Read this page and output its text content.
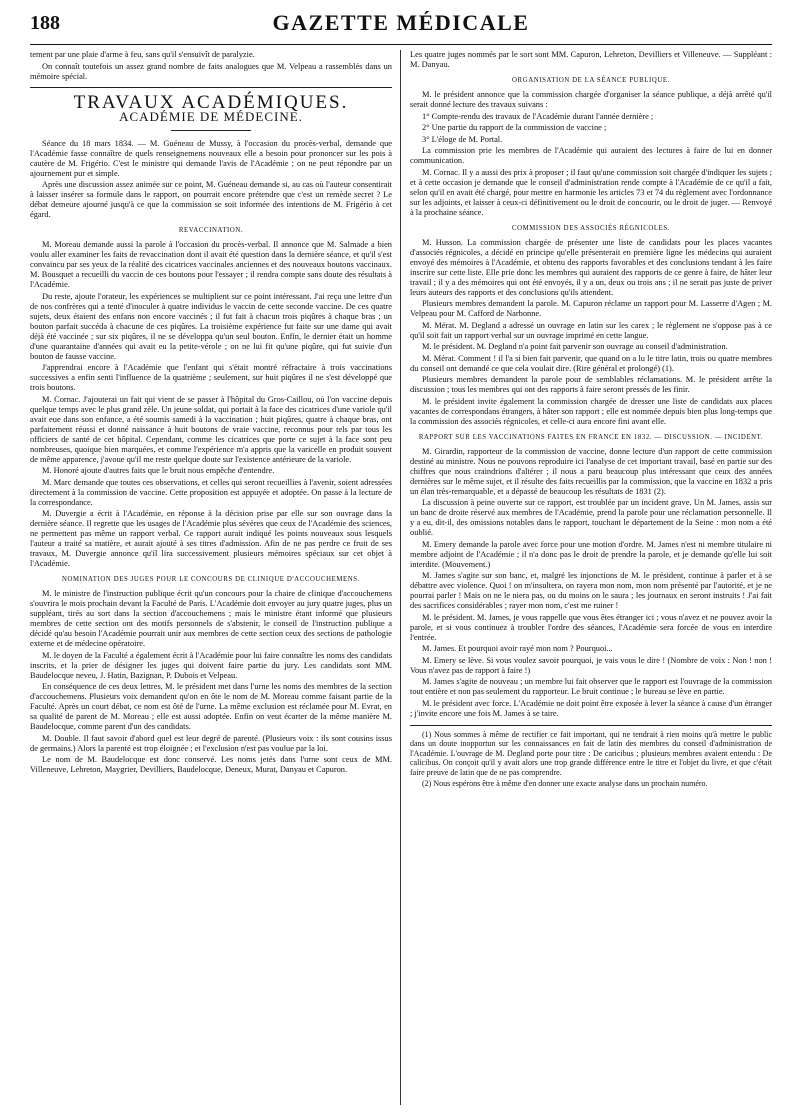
188	GAZETTE MÉDICALE

tement par une plaie d'arme à feu, sans qu'il s'ensuivît de paralyzie.

On connaît toutefois un assez grand nombre de faits analogues que M. Velpeau a rassemblés dans un mémoire spécial.

TRAVAUX ACADÉMIQUES.
ACADÉMIE DE MÉDECINE.

Séance du 18 mars 1834. — M. Guéneau de Mussy, à l'occasion du procès-verbal, demande que l'Académie fasse connaître de quels renseignemens nouveaux elle a besoin pour prononcer sur les pois à cautère de M. Frigério. C'est le ministre qui demande l'avis de l'Académie ; on ne peut répondre par un ajournement pur et simple.

Après une discussion assez animée sur ce point, M. Guéneau demande si, au cas où l'auteur consentirait à laisser insérer sa formule dans le rapport, on pourrait encore prétendre que c'est un remède secret ? Le débat demeure ajourné jusqu'à ce que la commission se soit informée des intentions de M. Frigério à cet égard.

REVACCINATION.

M. Moreau demande aussi la parole à l'occasion du procès-verbal. Il annonce que M. Salmade a bien voulu aller examiner les faits de revaccination dont il avait été question dans la dernière séance, et qu'il s'est convaincu par ses yeux de la réalité des cicatrices vaccinales anciennes et des nouveaux boutons vaccinaux. M. Bousquet a recueilli du vaccin de ces boutons pour l'essayer ; il rendra compte sans doute des résultats à l'Académie.

Du reste, ajoute l'orateur, les expériences se multiplient sur ce point intéressant. J'ai reçu une lettre d'un de nos confrères qui a tenté d'inoculer à quatre individus le vaccin de cette seconde vaccine. De ces quatre sujets, deux étaient des enfans non encore vaccinés ; il fut fait à chacun trois piqûres à chaque bras ; un bouton parfait succéda à chacune de ces piqûres. La troisième expérience fut faite sur une dame qui avait déjà été vaccinée ; sur six piqûres, il ne se développa qu'un seul bouton. Enfin, le dernier était un homme d'une quarantaine d'années qui avait eu la petite-vérole ; on ne lui fit qu'une piqûre, qui fut suivie d'un bouton de fausse vaccine.

J'apprendrai encore à l'Académie que l'enfant qui s'était montré réfractaire à trois vaccinations successives a enfin senti l'influence de la quatrième ; seulement, sur huit piqûres il ne s'est développé que trois boutons.

M. Cornac. J'ajouterai un fait qui vient de se passer à l'hôpital du Gros-Caillou, où l'on vaccine depuis quelque temps avec le plus grand zèle. Un jeune soldat, qui portait à la face des cicatrices d'une variole qu'il avait eue dans son enfance, a été soumis samedi à la vaccination ; huit piqûres, quatre à chaque bras, ont parfaitement réussi et donné naissance à huit boutons de vraie vaccine, reconnus pour tels par tous les officiers de santé de cet hôpital. Cependant, comme les cicatrices que porte ce sujet à la face sont peu nombreuses, quoique bien marquées, et comme l'expérience m'a appris que la varicelle en produit souvent de même apparence, j'avoue qu'il me reste quelque doute sur l'existence antérieure de la variole.

M. Honoré ajoute d'autres faits que le bruit nous empêche d'entendre.

M. Marc demande que toutes ces observations, et celles qui seront recueillies à l'avenir, soient adressées directement à la commission de vaccine. Cette proposition est appuyée et adoptée. On passe à la lecture de la correspondance.

M. Duvergie a écrit à l'Académie, en réponse à la décision prise par elle sur son ouvrage dans la dernière séance. Il regrette que les usages de l'Académie plus sévères que ceux de l'Académie des sciences, ne permettent pas même un rapport verbal. Ce rapport aurait indiqué les points nouveaux sous lesquels l'auteur a traité sa matière, et aurait ajouté à ses titres d'admission. Afin de ne pas perdre ce fruit de ses travaux, M. Duvergie annonce qu'il lira successivement plusieurs mémoires spéciaux sur cet objet à l'Académie.

NOMINATION DES JUGES POUR LE CONCOURS DE CLINIQUE D'ACCOUCHEMENS.

M. le ministre de l'instruction publique écrit qu'un concours pour la chaire de clinique d'accouchemens s'ouvrira le mois prochain devant la Faculté de Paris. L'Académie doit envoyer au jury quatre juges, plus un suppléant, tirés au sort dans la section d'accouchemens ; mais le ministre étant informé que plusieurs membres de cette section ont des motifs personnels de s'abstenir, le conseil de l'instruction publique a décidé qu'au besoin l'Académie pourrait unir aux membres de cette section ceux des sections de pathologie externe et de médecine opératoire.

M. le doyen de la Faculté a également écrit à l'Académie pour lui faire connaître les noms des candidats inscrits, et la prier de désigner les juges qui doivent faire partie du jury. Les candidats sont MM. Baudelocque neveu, J. Hatin, Bazignan, P. Dubois et Velpeau.

En conséquence de ces deux lettres, M. le président met dans l'urne les noms des membres de la section d'accouchemens. Plusieurs voix demandent qu'on en ôte le nom de M. Moreau comme faisant partie de la Faculté. Après un court débat, ce nom est ôté de l'urne. La même exclusion est réclamée pour M. Evrat, en sa qualité de parent de M. Moreau ; elle est aussi adoptée. Enfin on veut écarter de la même manière M. Baudelocque, comme parent d'un des candidats.

M. Double. Il faut savoir d'abord quel est leur degré de parenté. (Plusieurs voix : ils sont cousins issus de germains.) Alors la parenté est trop éloignée ; et l'exclusion n'est pas voulue par la loi.

Le nom de M. Baudelocque est donc conservé. Les noms jetés dans l'urne sont ceux de MM. Villeneuve, Lehreton, Maygrier, Devilliers, Baudelocque, Deneux, Murat, Danyau et Capuron.

Les quatre juges nommés par le sort sont MM. Capuron, Lehreton, Devilliers et Villeneuve. — Suppléant : M. Danyau.

ORGANISATION DE LA SÉANCE PUBLIQUE.

M. le président annonce que la commission chargée d'organiser la séance publique, a déjà arrêté qu'il serait donné lecture des travaux suivans :

1° Compte-rendu des travaux de l'Académie durant l'année dernière ;

2° Une partie du rapport de la commission de vaccine ;

3° L'éloge de M. Portal.

La commission prie les membres de l'Académie qui auraient des lectures à faire de lui en donner communication.

M. Cornac. Il y a aussi des prix à proposer ; il faut qu'une commission soit chargée d'indiquer les sujets ; et à cette occasion je demande que le conseil d'administration rende compte à l'Académie de ce qu'il a fait, selon qu'il en avait été chargé, pour mettre en harmonie les articles 73 et 74 du règlement avec l'ordonnance sur les adjoints, et laisser à ceux-ci définitivement ou le droit de concourir, ou le droit de juger. — Renvoyé à la prochaine séance.

COMMISSION DES ASSOCIÉS RÉGNICOLES.

M. Husson. La commission chargée de présenter une liste de candidats pour les places vacantes d'associés régnicoles, a décidé en principe qu'elle présenterait en première ligne les médecins qui auraient envoyé des mémoires à l'Académie, et obtenu des rapports favorables et des conclusions tendant à les faire inscrire sur cette liste. Elle prie donc les membres qui auraient des rapports de ce genre à faire, de hâter leur travail ; il y a des mémoires qui ont été envoyés, il y a un, deux ou trois ans ; il ne serait pas juste de priver leurs auteurs des rapports et des conclusions qu'ils attendent.

Plusieurs membres demandent la parole. M. Capuron réclame un rapport pour M. Lasserre d'Agen ; M. Velpeau pour M. Cafford de Narbonne.

M. Mérat. M. Degland a adressé un ouvrage en latin sur les carex ; le règlement ne s'oppose pas à ce qu'il soit fait un rapport verbal sur un ouvrage imprimé en cette langue.

M. le président. M. Degland n'a point fait parvenir son ouvrage au conseil d'administration.

M. Mérat. Comment ! il l'a si bien fait parvenir, que quand on a lu le titre latin, trois ou quatre membres du conseil ont demandé ce que cela voulait dire. (Rire général et prolongé) (1).

Plusieurs membres demandent la parole pour de semblables réclamations. M. le président arrête la discussion ; tous les membres qui ont des rapports à faire seront pressés de les finir.

M. le président invite également la commission chargée de dresser une liste de candidats aux places vacantes de correspondans étrangers, à hâter son rapport ; elle est nommée depuis bien plus long-temps que la commission des associés régnicoles, et celle-ci aura encore fini avant elle.

RAPPORT SUR LES VACCINATIONS FAITES EN FRANCE EN 1832. — DISCUSSION. — INCIDENT.

M. Girardin, rapporteur de la commission de vaccine, donne lecture d'un rapport de cette commission destiné au ministre. Nous ne pouvons reproduire ici l'analyse de cet important travail, basé en partie sur des chiffres que nous craindrions d'altérer ; il nous a paru beaucoup plus intéressant que ceux des années dernières sur le même sujet, et il résulte des faits recueillis par la commission, que la vaccine en 1832 a pris un élan très-remarquable, et a dépassé de beaucoup les résultats de 1831 (2).

La discussion à peine ouverte sur ce rapport, est troublée par un incident grave. Un M. James, assis sur un banc de droite réservé aux membres de l'Académie, prend la parole pour une réclamation personnelle. Il y a eu, dit-il, des omissions notables dans le rapport, touchant le département de la Seine : mon nom a été oublié.

M. Emery demande la parole avec force pour une motion d'ordre. M. James n'est ni membre titulaire ni membre adjoint de l'Académie ; il n'a donc pas le droit de prendre la parole, et je demande qu'elle lui soit interdite. (Mouvement.)

M. James s'agite sur son banc, et, malgré les injonctions de M. le président, continue à parler et à se débattre avec violence. Quoi ! on m'insultera, on rayera mon nom, mon nom présenté par l'autorité, et je ne pourrai parler ! Mais on ne le niera pas, ou du moins on le saura ; les journaux en seront instruits ! J'ai fait des sacrifices considérables ; rayer mon nom, c'est me ruiner !

M. le président. M. James, je vous rappelle que vous êtes étranger ici ; vous n'avez et ne pouvez avoir la parole, et si vous continuez à troubler l'ordre des séances, l'Académie sera forcée de vous en interdire l'entrée.

M. James. Et pourquoi avoir rayé mon nom ? Pourquoi...

M. Emery se lève. Si vous voulez savoir pourquoi, je vais vous le dire ! (Nombre de voix : Non ! non ! Vous n'avez pas de rapport à faire !)

M. James s'agite de nouveau ; un membre lui fait observer que le rapport est l'ouvrage de la commission tout entière et non pas seulement du rapporteur. Le bruit continue ; le bureau se lève en partie.

M. le président avec force. L'Académie ne doit point être exposée à lever la séance à cause d'un étranger ; j'invite encore une fois M. James à se taire.

(1) Nous sommes à même de rectifier ce fait important, qui ne tendrait à rien moins qu'à mettre le public dans un doute inopportun sur les connaissances en fait de latin des membres du conseil d'administration de l'Académie. L'ouvrage de M. Degland porte pour titre : De caricibus ; plusieurs membres avaient entendu : De calicibus. On conçoit qu'il y avait alors une trop grande différence entre le titre et l'objet du livre, et que c'était faire preuve de latin que de ne pas comprendre.

(2) Nous espérons être à même d'en donner une exacte analyse dans un prochain numéro.
